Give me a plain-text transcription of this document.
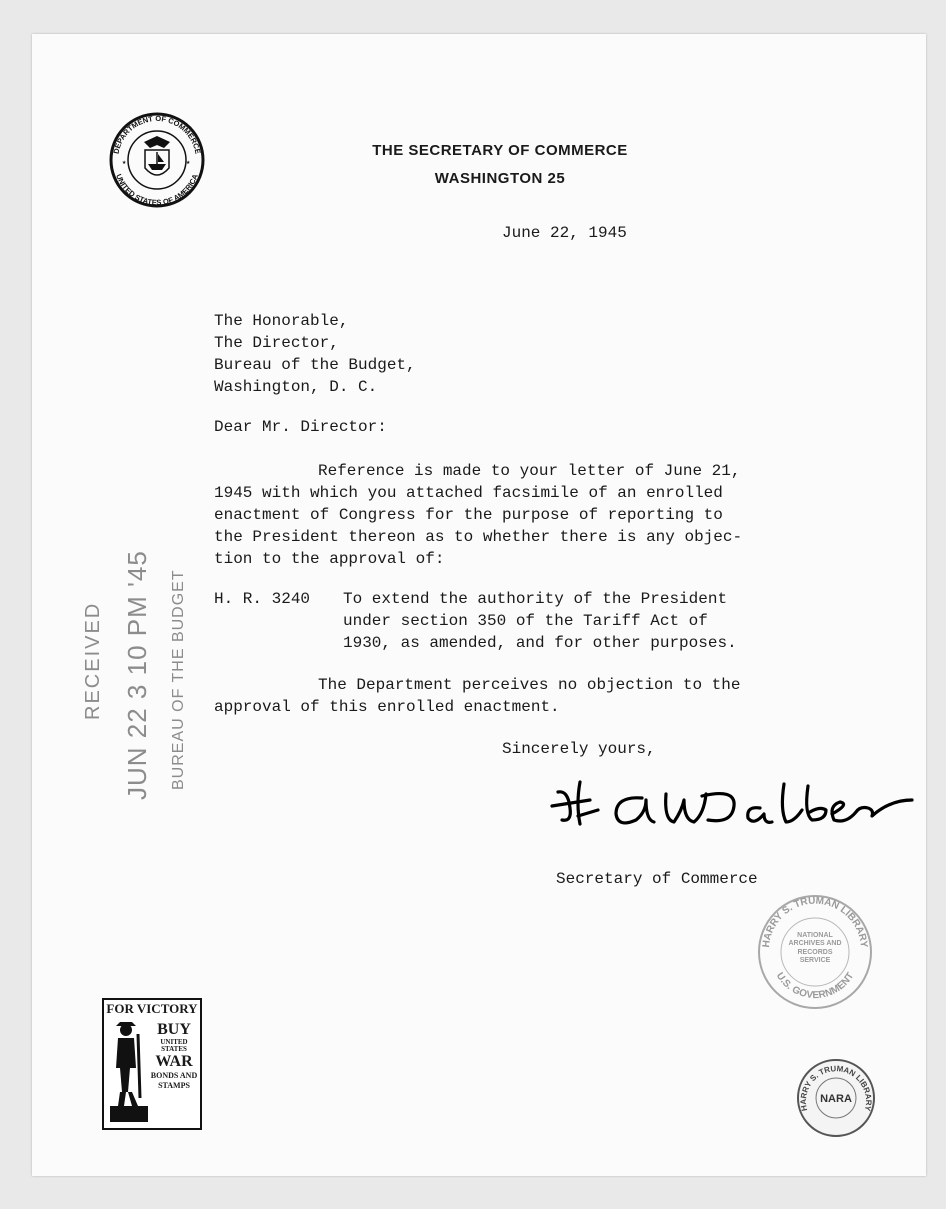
DEPARTMENT OF COMMERCE
UNITED STATES OF AMERICA
★	★
THE SECRETARY OF COMMERCE
WASHINGTON 25
June 22, 1945
The Honorable,
The Director,
Bureau of the Budget,
Washington, D. C.
Dear Mr. Director:
Reference is made to your letter of June 21,
1945 with which you attached facsimile of an enrolled
enactment of Congress for the purpose of reporting to
the President thereon as to whether there is any objec-
tion to the approval of:
H. R. 3240 To extend the authority of the President
under section 350 of the Tariff Act of
1930, as amended, and for other purposes.
The Department perceives no objection to the
approval of this enrolled enactment.
Sincerely yours,
Secretary of Commerce
RECEIVED JUN 22 3 10 PM '45 BUREAU OF THE BUDGET
FOR VICTORY
BUY
UNITED STATES
WAR
BONDS AND
STAMPS
HARRY S. TRUMAN LIBRARY
U.S. GOVERNMENT
NATIONAL ARCHIVES AND RECORDS SERVICE
HARRY S. TRUMAN LIBRARY
NARA
